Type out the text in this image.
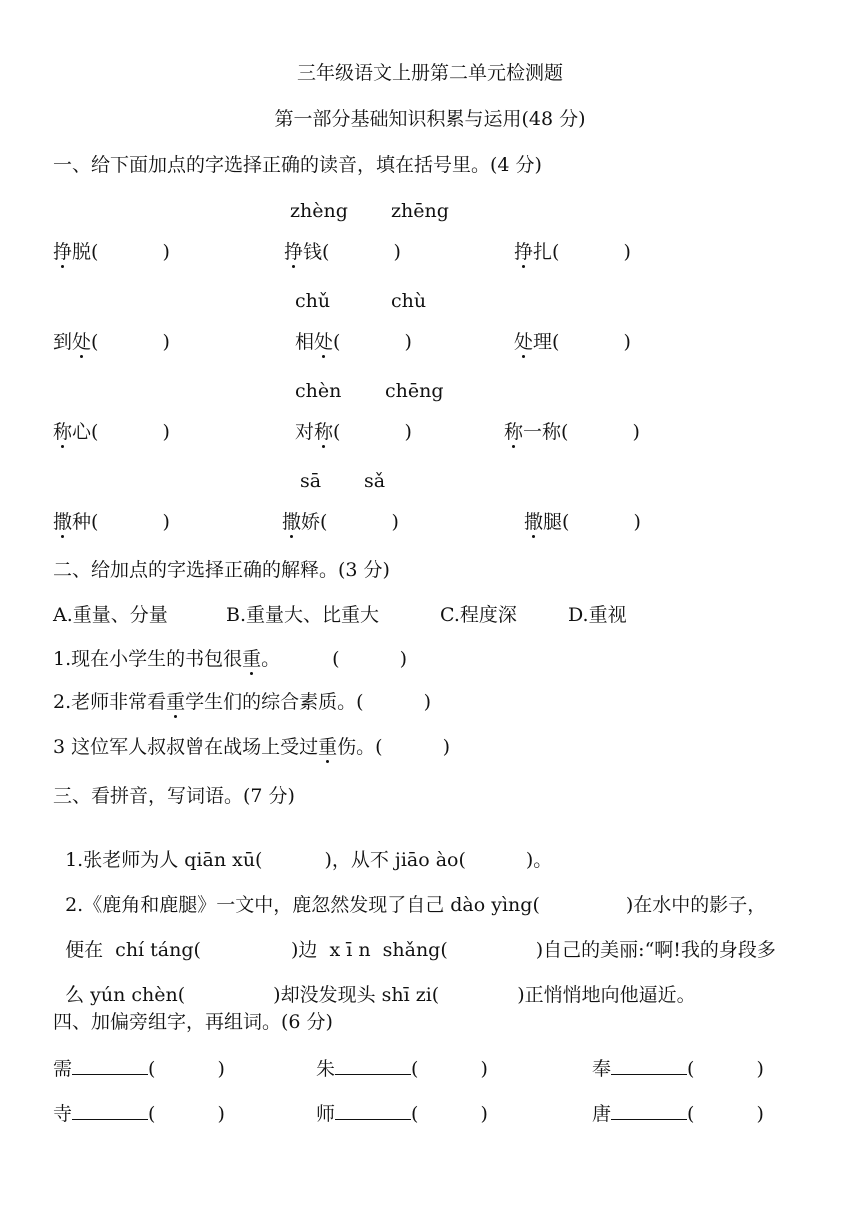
三年级语文上册第二单元检测题
第一部分基础知识积累与运用(48 分)
一、给下面加点的字选择正确的读音，填在括号里。(4 分)
zhèng zhēng
挣脱(	)	挣钱(	)	挣扎(	)
chǔ	chù
到处(	)	相处(	)	处理(	)
chèn chēng
称心(	)	对称(	)	称一称(	)
sā sǎ
撒种(	)	撒娇(	)	撒腿(	)
二、给加点的字选择正确的解释。(3 分)
A.重量、分量	B.重量大、比重大	C.程度深	D.重视
1.现在小学生的书包很重。	(	)
2.老师非常看重学生们的综合素质。(	)
3 这位军人叔叔曾在战场上受过重伤。(	)
三、看拼音，写词语。(7 分)

1.张老师为人 qiān xū(	)，从不 jiāo ào(	)。

2.《鹿角和鹿腿》一文中，鹿忽然发现了自己 dào yìng(	)在水中的影子，

便在  chí táng(	)边  x ī n  shǎng(	)自己的美丽:“啊!我的身段多

么 yún chèn(	)却没发现头 shī zi(	)正悄悄地向他逼近。

四、加偏旁组字，再组词。(6 分)
需	(	)	朱	(	)	奉	(	)
寺	(	)	师	(	)	唐	(	)
